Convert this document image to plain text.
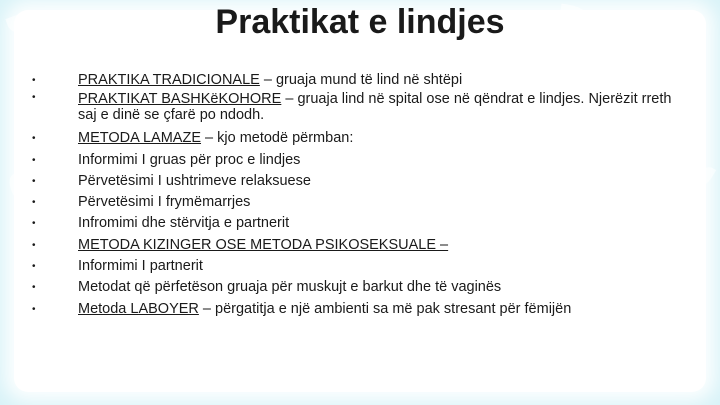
Praktikat e lindjes
•	PRAKTIKA TRADICIONALE – gruaja mund të lind në shtëpi
•	PRAKTIKAT BASHKëKOHORE – gruaja lind në spital ose në qëndrat e lindjes. Njerëzit rreth saj e dinë se çfarë po ndodh.
•	METODA LAMAZE – kjo metodë përmban:
•	Informimi I gruas për proc e lindjes
•	Përvetësimi I ushtrimeve relaksuese
•	Përvetësimi I frymëmarrjes
•	Infromimi dhe stërvitja e partnerit
•	METODA KIZINGER OSE METODA PSIKOSEKSUALE –
•	Informimi I partnerit
•	Metodat që përfetëson gruaja për muskujt e barkut dhe të vaginës
•	Metoda LABOYER – përgatitja e një ambienti sa më pak stresant për fëmijën
